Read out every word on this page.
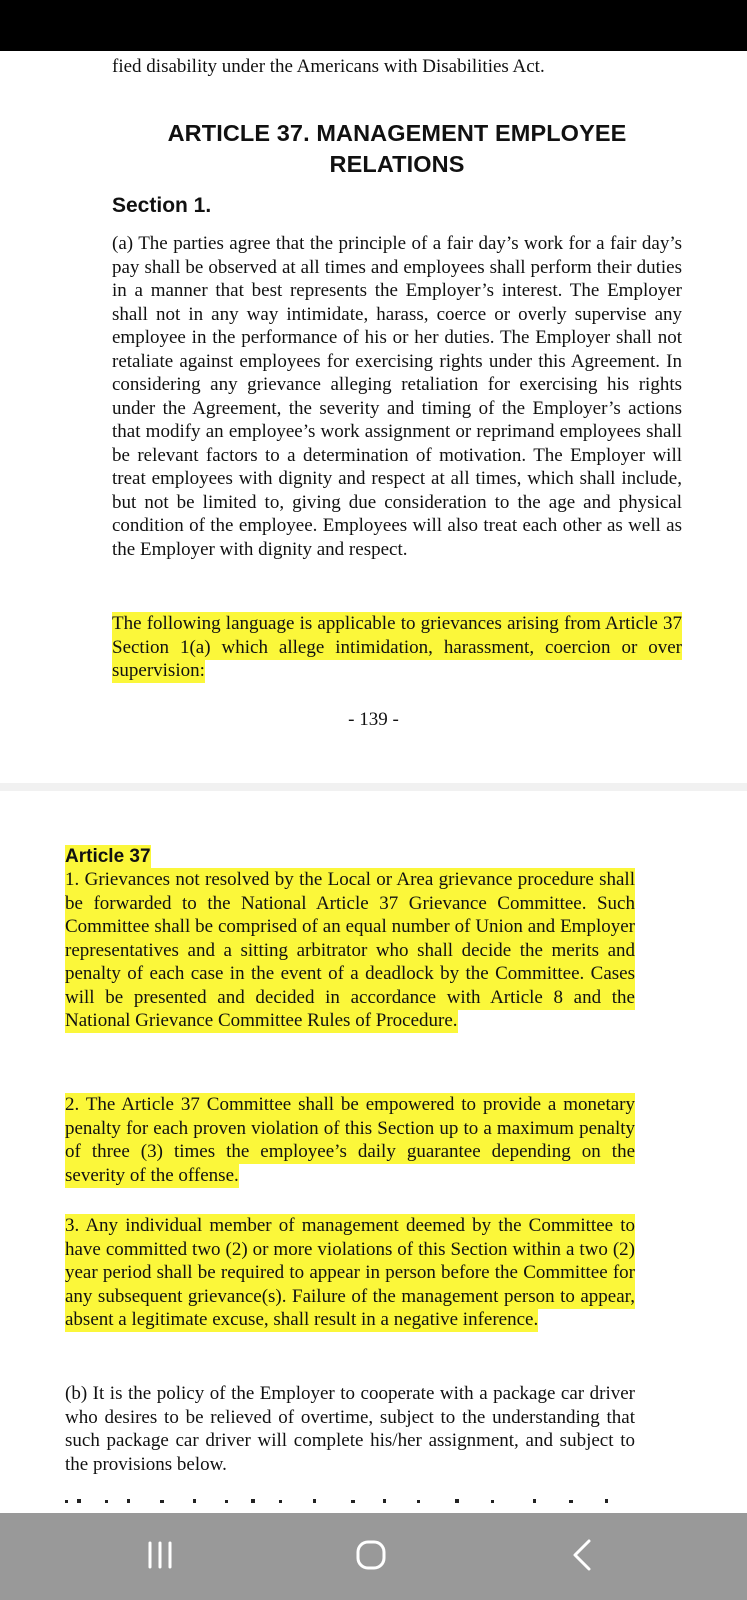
fied disability under the Americans with Disabilities Act.
ARTICLE 37. MANAGEMENT EMPLOYEE RELATIONS
Section 1.
(a) The parties agree that the principle of a fair day’s work for a fair day’s pay shall be observed at all times and employees shall perform their duties in a manner that best represents the Employer’s interest. The Employer shall not in any way intimidate, harass, coerce or overly supervise any employee in the performance of his or her duties. The Employer shall not retaliate against employees for exercising rights under this Agreement. In considering any grievance alleging retaliation for exercising his rights under the Agreement, the severity and timing of the Employer’s actions that modify an employee’s work assignment or reprimand employees shall be relevant factors to a determination of motivation. The Employer will treat employees with dignity and respect at all times, which shall include, but not be limited to, giving due consideration to the age and physical condition of the employee. Employees will also treat each other as well as the Employer with dignity and respect.
The following language is applicable to grievances arising from Article 37 Section 1(a) which allege intimidation, harassment, coercion or over supervision:
- 139 -
Article 37
1. Grievances not resolved by the Local or Area grievance procedure shall be forwarded to the National Article 37 Grievance Committee. Such Committee shall be comprised of an equal number of Union and Employer representatives and a sitting arbitrator who shall decide the merits and penalty of each case in the event of a deadlock by the Committee. Cases will be presented and decided in accordance with Article 8 and the National Grievance Committee Rules of Procedure.
2. The Article 37 Committee shall be empowered to provide a monetary penalty for each proven violation of this Section up to a maximum penalty of three (3) times the employee’s daily guarantee depending on the severity of the offense.
3. Any individual member of management deemed by the Committee to have committed two (2) or more violations of this Section within a two (2) year period shall be required to appear in person before the Committee for any subsequent grievance(s). Failure of the management person to appear, absent a legitimate excuse, shall result in a negative inference.
(b) It is the policy of the Employer to cooperate with a package car driver who desires to be relieved of overtime, subject to the understanding that such package car driver will complete his/her assignment, and subject to the provisions below.
